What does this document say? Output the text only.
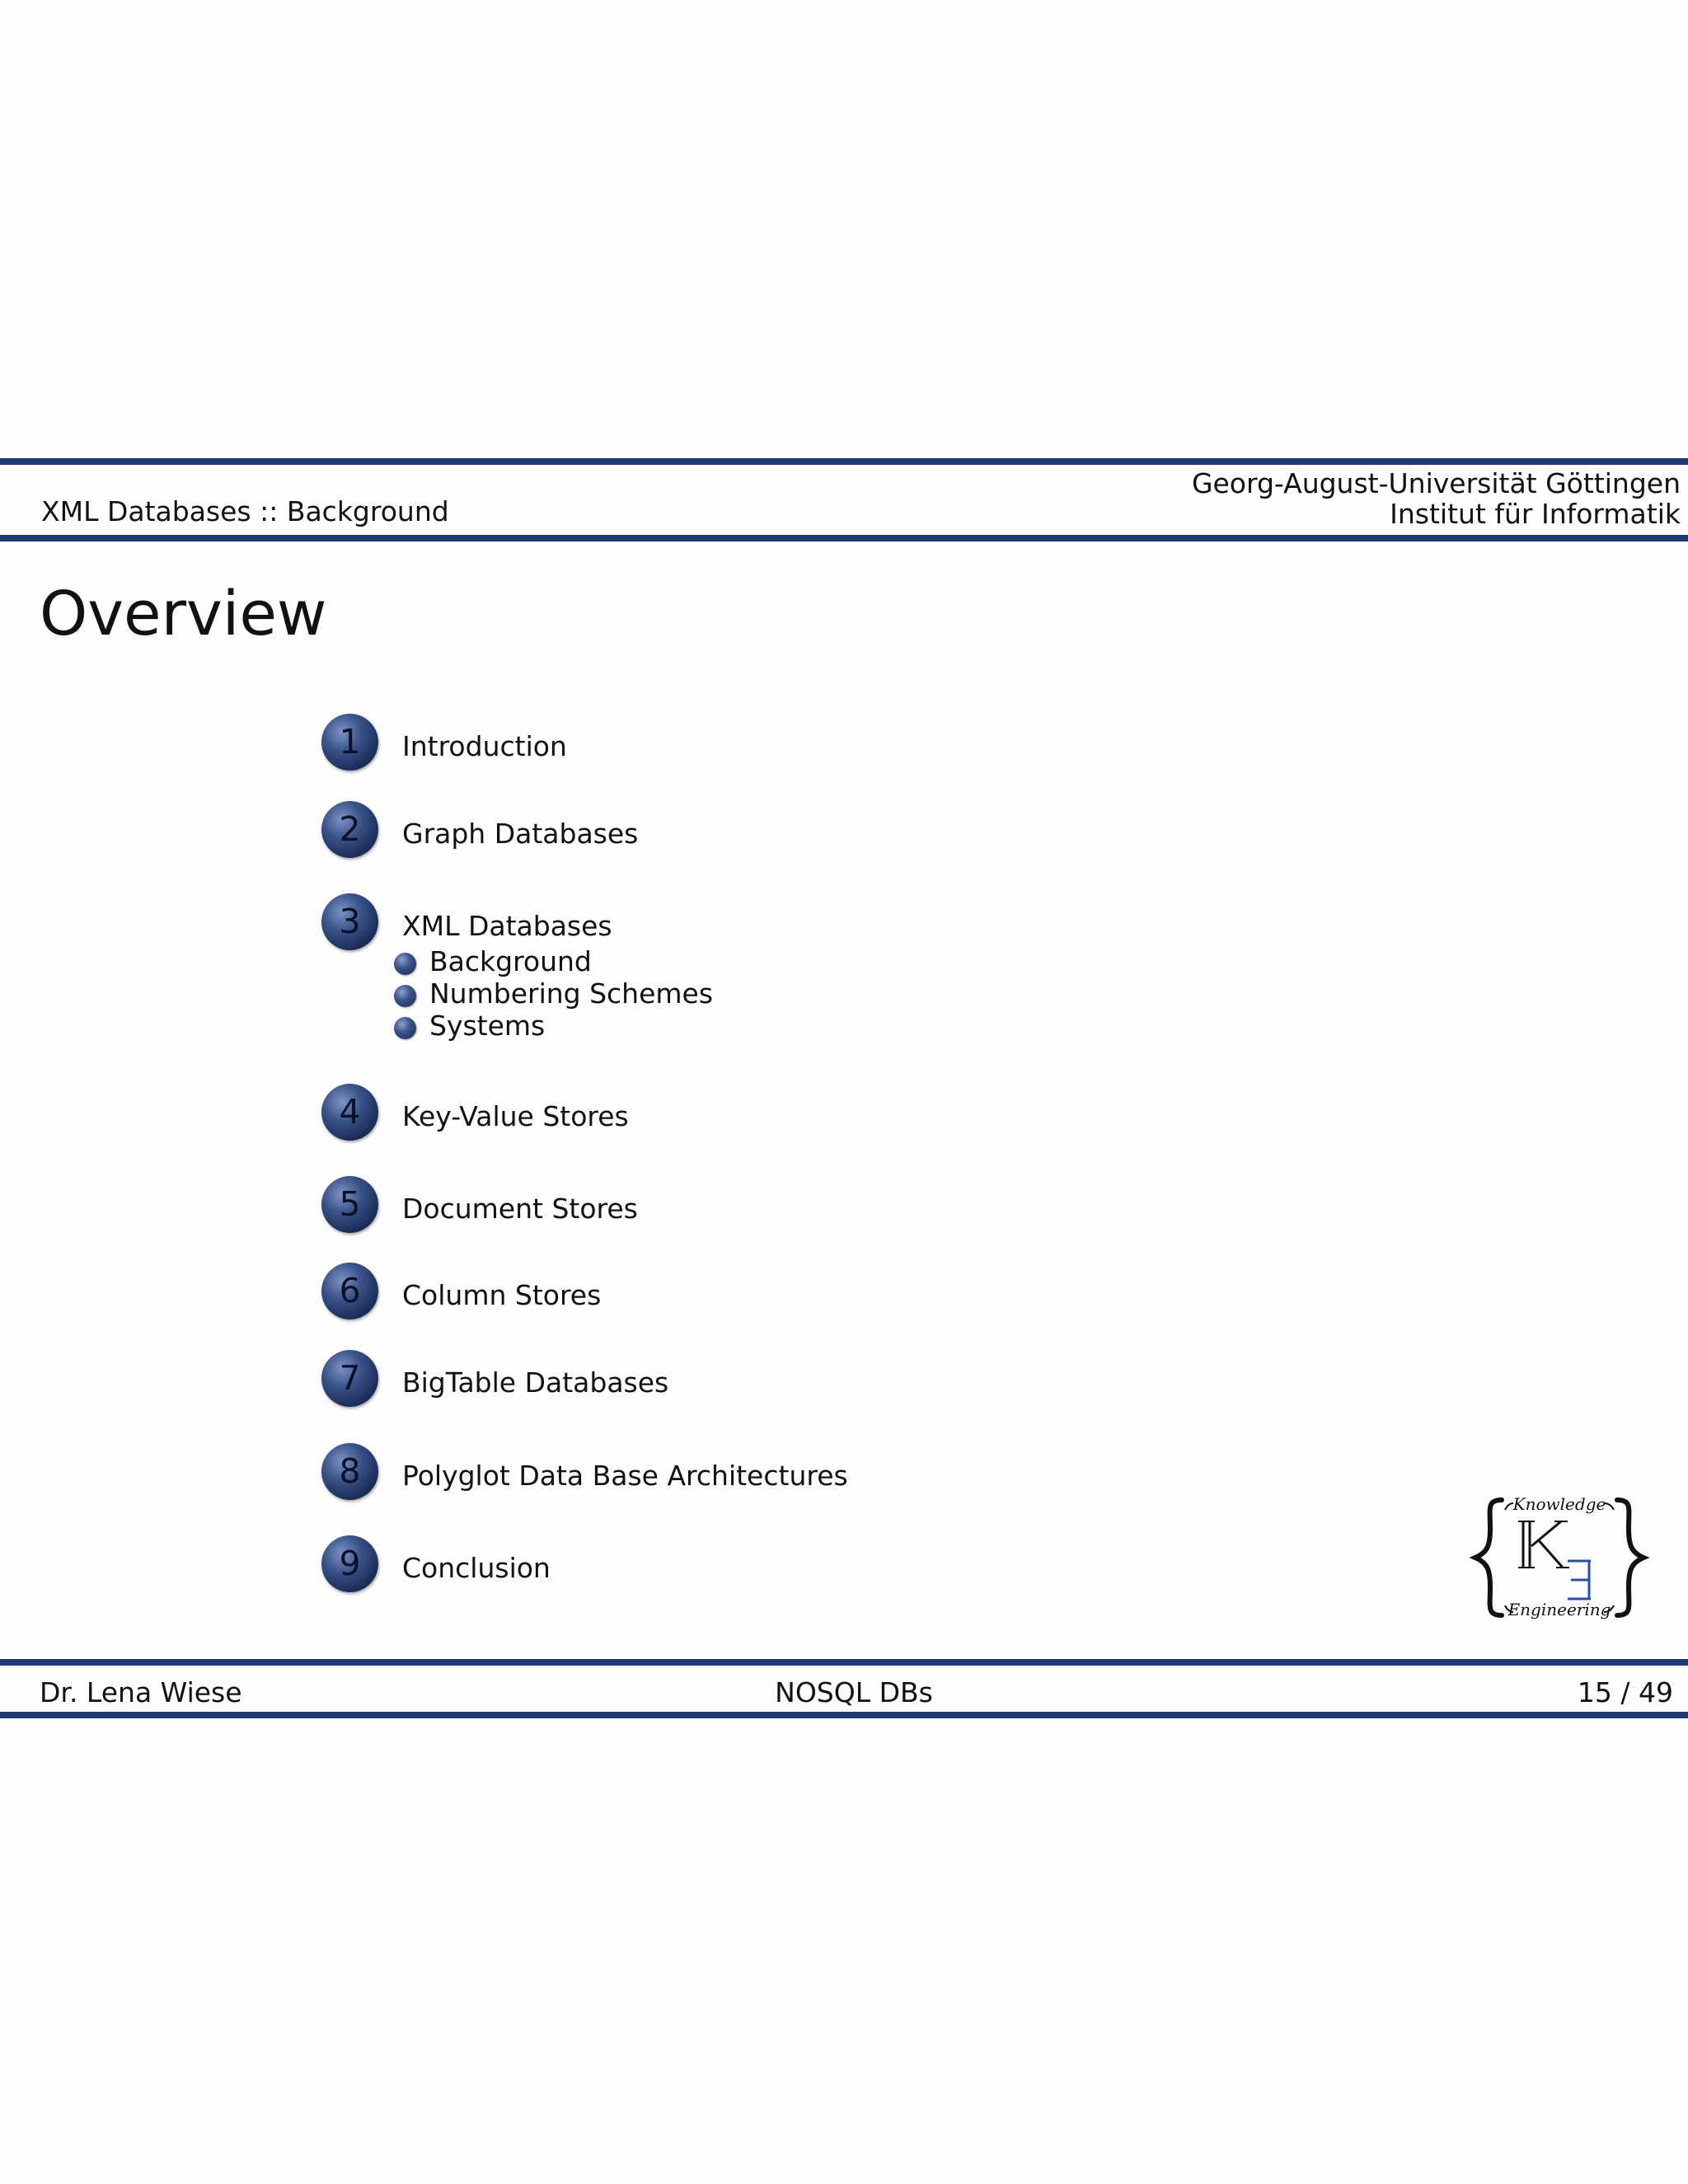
XML Databases :: Background
Georg-August-Universität Göttingen
Institut für Informatik
Overview
1	Introduction
2	Graph Databases
3	XML Databases
Background
Numbering Schemes
Systems
4	Key-Value Stores
5	Document Stores
6	Column Stores
7	BigTable Databases
8	Polyglot Data Base Architectures
9	Conclusion
Knowledge
Engineering
Dr. Lena Wiese	NOSQL DBs	15 / 49
